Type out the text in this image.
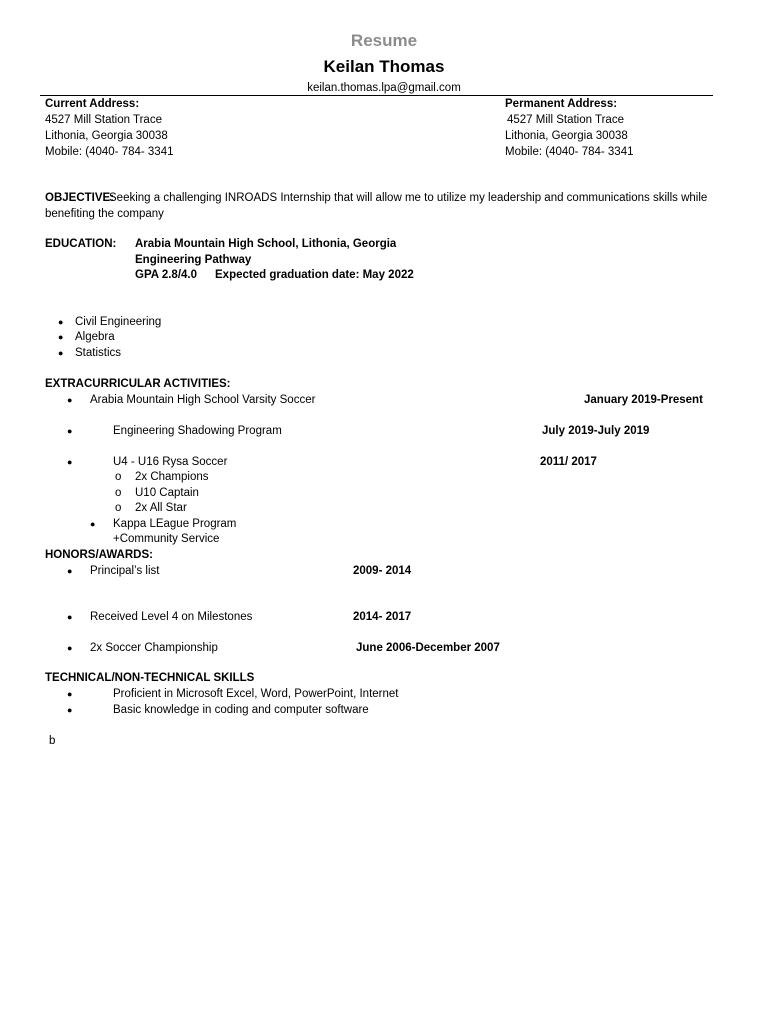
Resume
Keilan Thomas
keilan.thomas.lpa@gmail.com
Current Address:
4527 Mill Station Trace
Lithonia, Georgia 30038
Mobile: (4040- 784- 3341
Permanent Address:
4527 Mill Station Trace
Lithonia, Georgia 30038
Mobile: (4040- 784- 3341
OBJECTIVE:
Seeking a challenging INROADS Internship that will allow me to utilize my leadership and communications skills while
benefiting the company
EDUCATION: Arabia Mountain High School, Lithonia, Georgia
Engineering Pathway
GPA 2.8/4.0 Expected graduation date: May 2022
● Civil Engineering
● Algebra
● Statistics
EXTRACURRICULAR ACTIVITIES:
● Arabia Mountain High School Varsity Soccer	January 2019-Present
●	Engineering Shadowing Program	July 2019-July 2019
●	U4 - U16 Rysa Soccer	2011/ 2017
o 2x Champions
o U10 Captain
o 2x All Star
● Kappa LEague Program
+Community Service
HONORS/AWARDS:
● Principal’s list	2009- 2014
● Received Level 4 on Milestones	2014- 2017
● 2x Soccer Championship	June 2006-December 2007
TECHNICAL/NON-TECHNICAL SKILLS
●	Proficient in Microsoft Excel, Word, PowerPoint, Internet
●	Basic knowledge in coding and computer software
b
